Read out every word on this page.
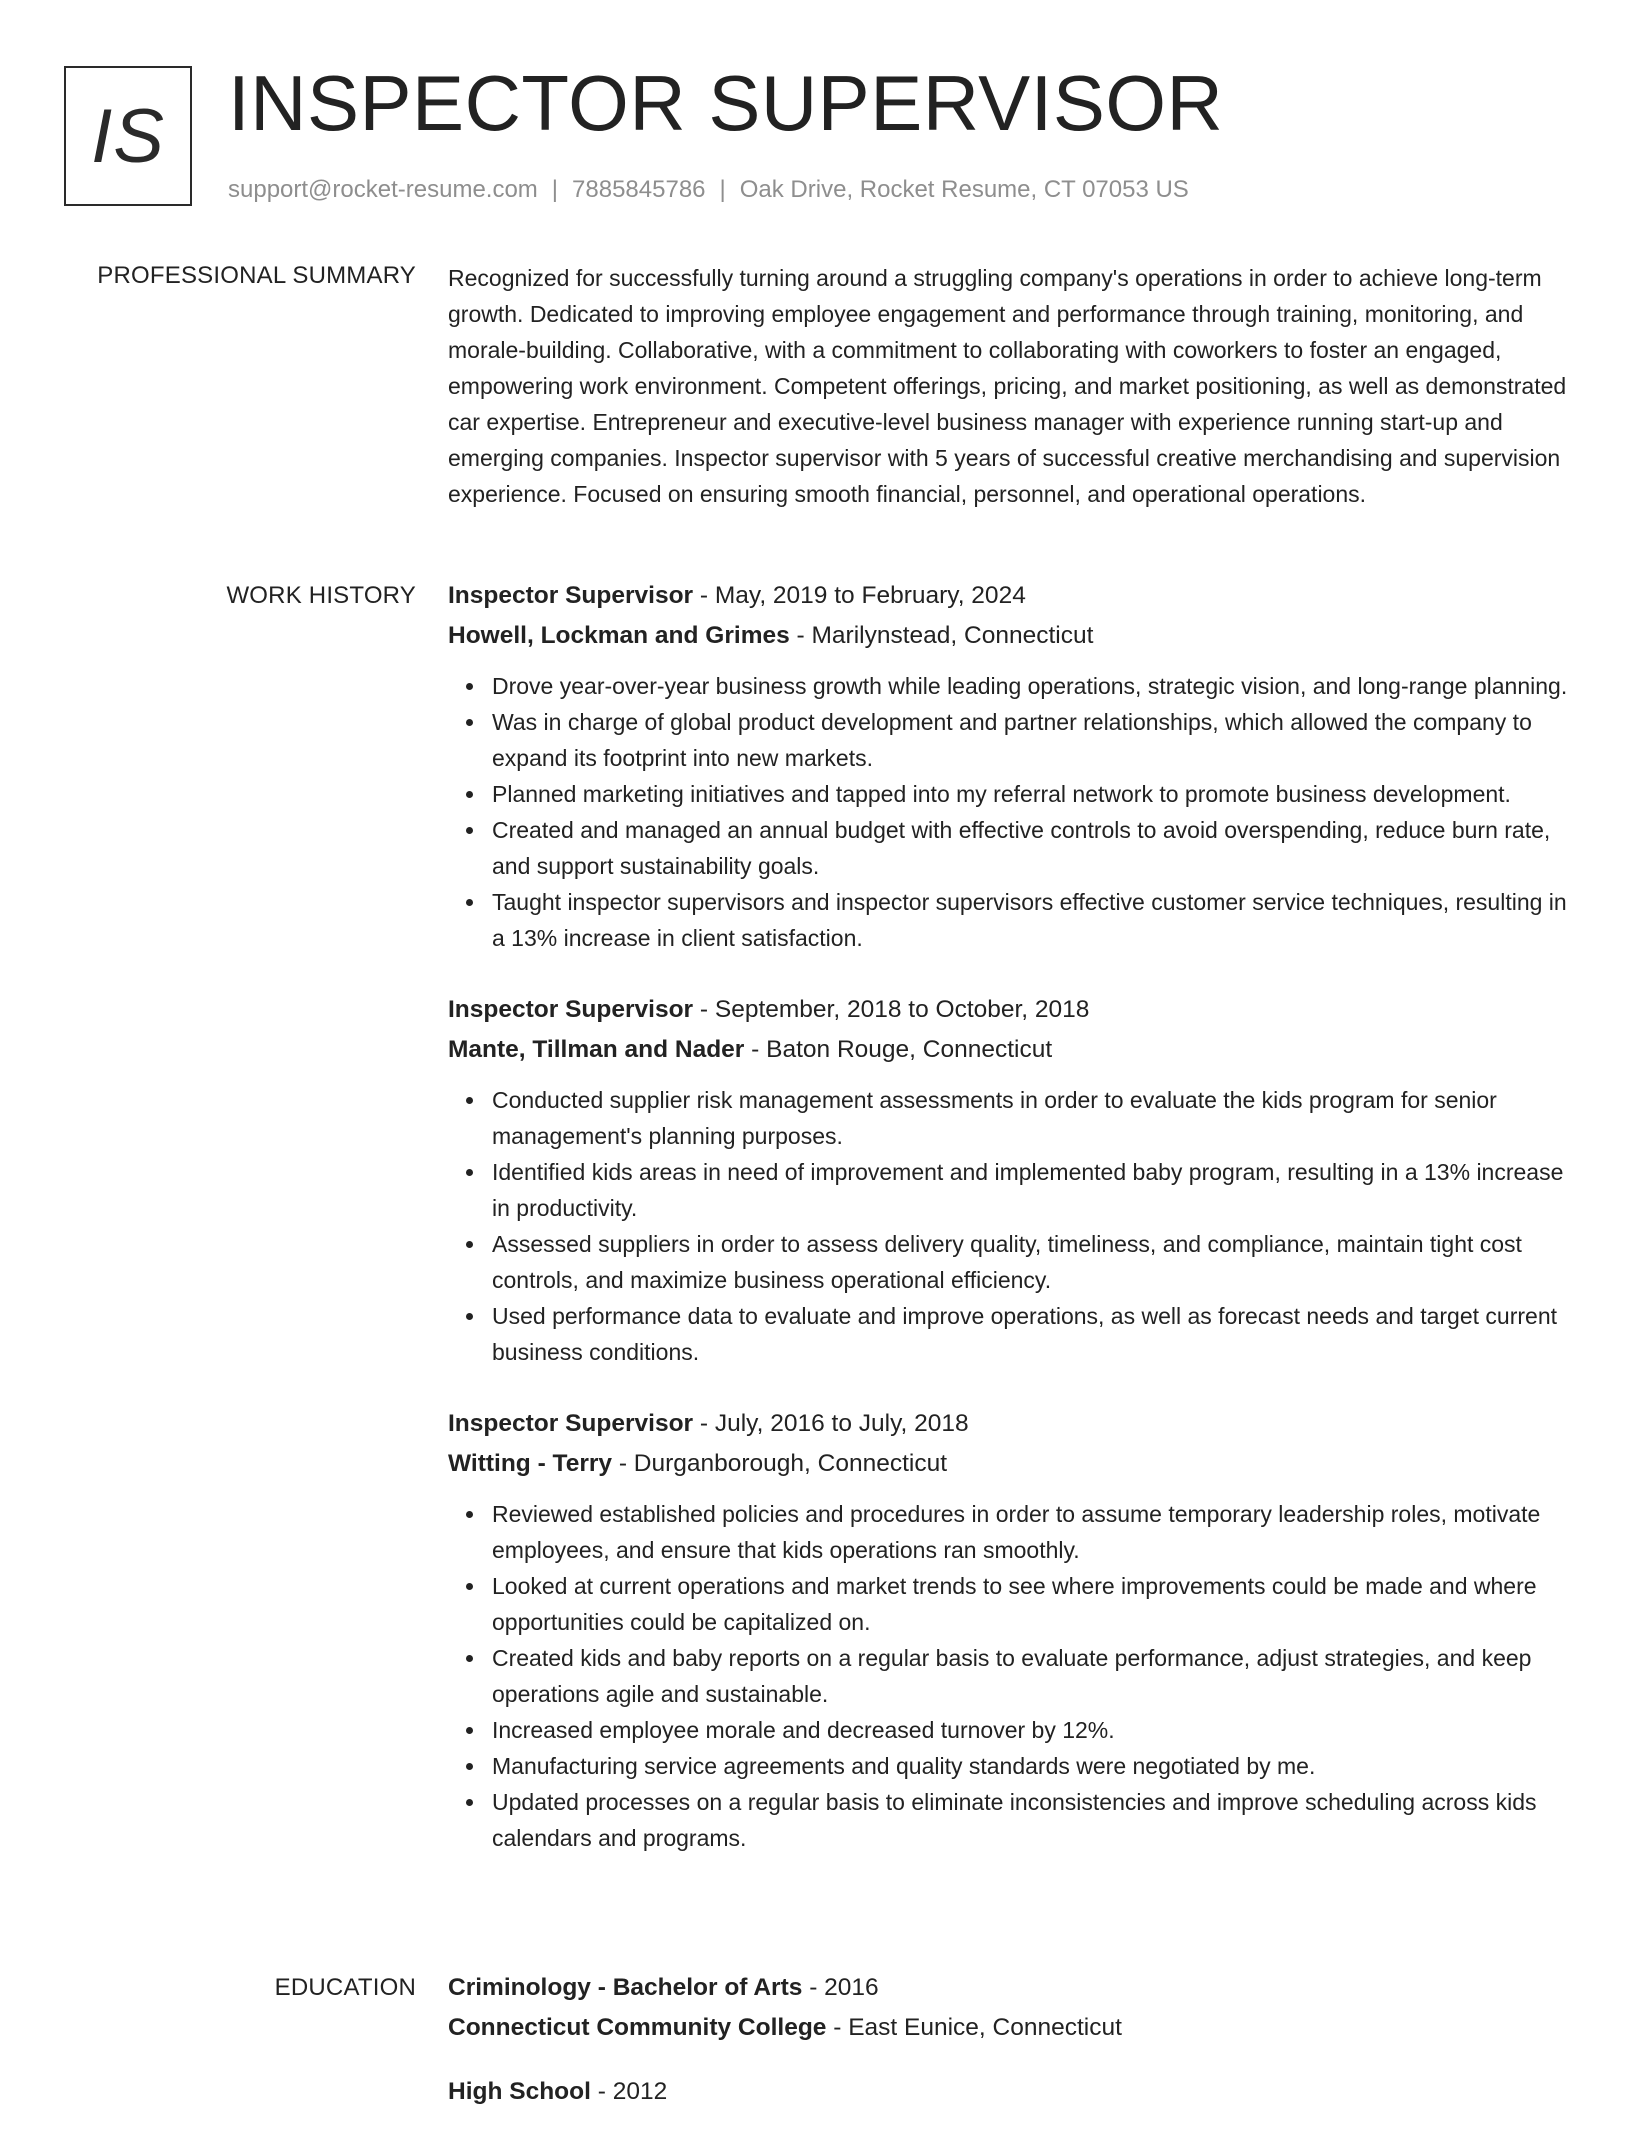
IS INSPECTOR SUPERVISOR
support@rocket-resume.com | 7885845786 | Oak Drive, Rocket Resume, CT 07053 US
PROFESSIONAL SUMMARY Recognized for successfully turning around a struggling company's operations in order to achieve long-term growth. Dedicated to improving employee engagement and performance through training, monitoring, and morale-building. Collaborative, with a commitment to collaborating with coworkers to foster an engaged, empowering work environment. Competent offerings, pricing, and market positioning, as well as demonstrated car expertise. Entrepreneur and executive-level business manager with experience running start-up and emerging companies. Inspector supervisor with 5 years of successful creative merchandising and supervision experience. Focused on ensuring smooth financial, personnel, and operational operations.

WORK HISTORY Inspector Supervisor - May, 2019 to February, 2024
Howell, Lockman and Grimes - Marilynstead, Connecticut
Drove year-over-year business growth while leading operations, strategic vision, and long-range planning.
Was in charge of global product development and partner relationships, which allowed the company to expand its footprint into new markets.
Planned marketing initiatives and tapped into my referral network to promote business development.
Created and managed an annual budget with effective controls to avoid overspending, reduce burn rate, and support sustainability goals.
Taught inspector supervisors and inspector supervisors effective customer service techniques, resulting in a 13% increase in client satisfaction.
Inspector Supervisor - September, 2018 to October, 2018
Mante, Tillman and Nader - Baton Rouge, Connecticut
Conducted supplier risk management assessments in order to evaluate the kids program for senior management's planning purposes.
Identified kids areas in need of improvement and implemented baby program, resulting in a 13% increase in productivity.
Assessed suppliers in order to assess delivery quality, timeliness, and compliance, maintain tight cost controls, and maximize business operational efficiency.
Used performance data to evaluate and improve operations, as well as forecast needs and target current business conditions.
Inspector Supervisor - July, 2016 to July, 2018
Witting - Terry - Durganborough, Connecticut
Reviewed established policies and procedures in order to assume temporary leadership roles, motivate employees, and ensure that kids operations ran smoothly.
Looked at current operations and market trends to see where improvements could be made and where opportunities could be capitalized on.
Created kids and baby reports on a regular basis to evaluate performance, adjust strategies, and keep operations agile and sustainable.
Increased employee morale and decreased turnover by 12%.
Manufacturing service agreements and quality standards were negotiated by me.
Updated processes on a regular basis to eliminate inconsistencies and improve scheduling across kids calendars and programs.
EDUCATION Criminology - Bachelor of Arts - 2016
Connecticut Community College - East Eunice, Connecticut
High School - 2012
